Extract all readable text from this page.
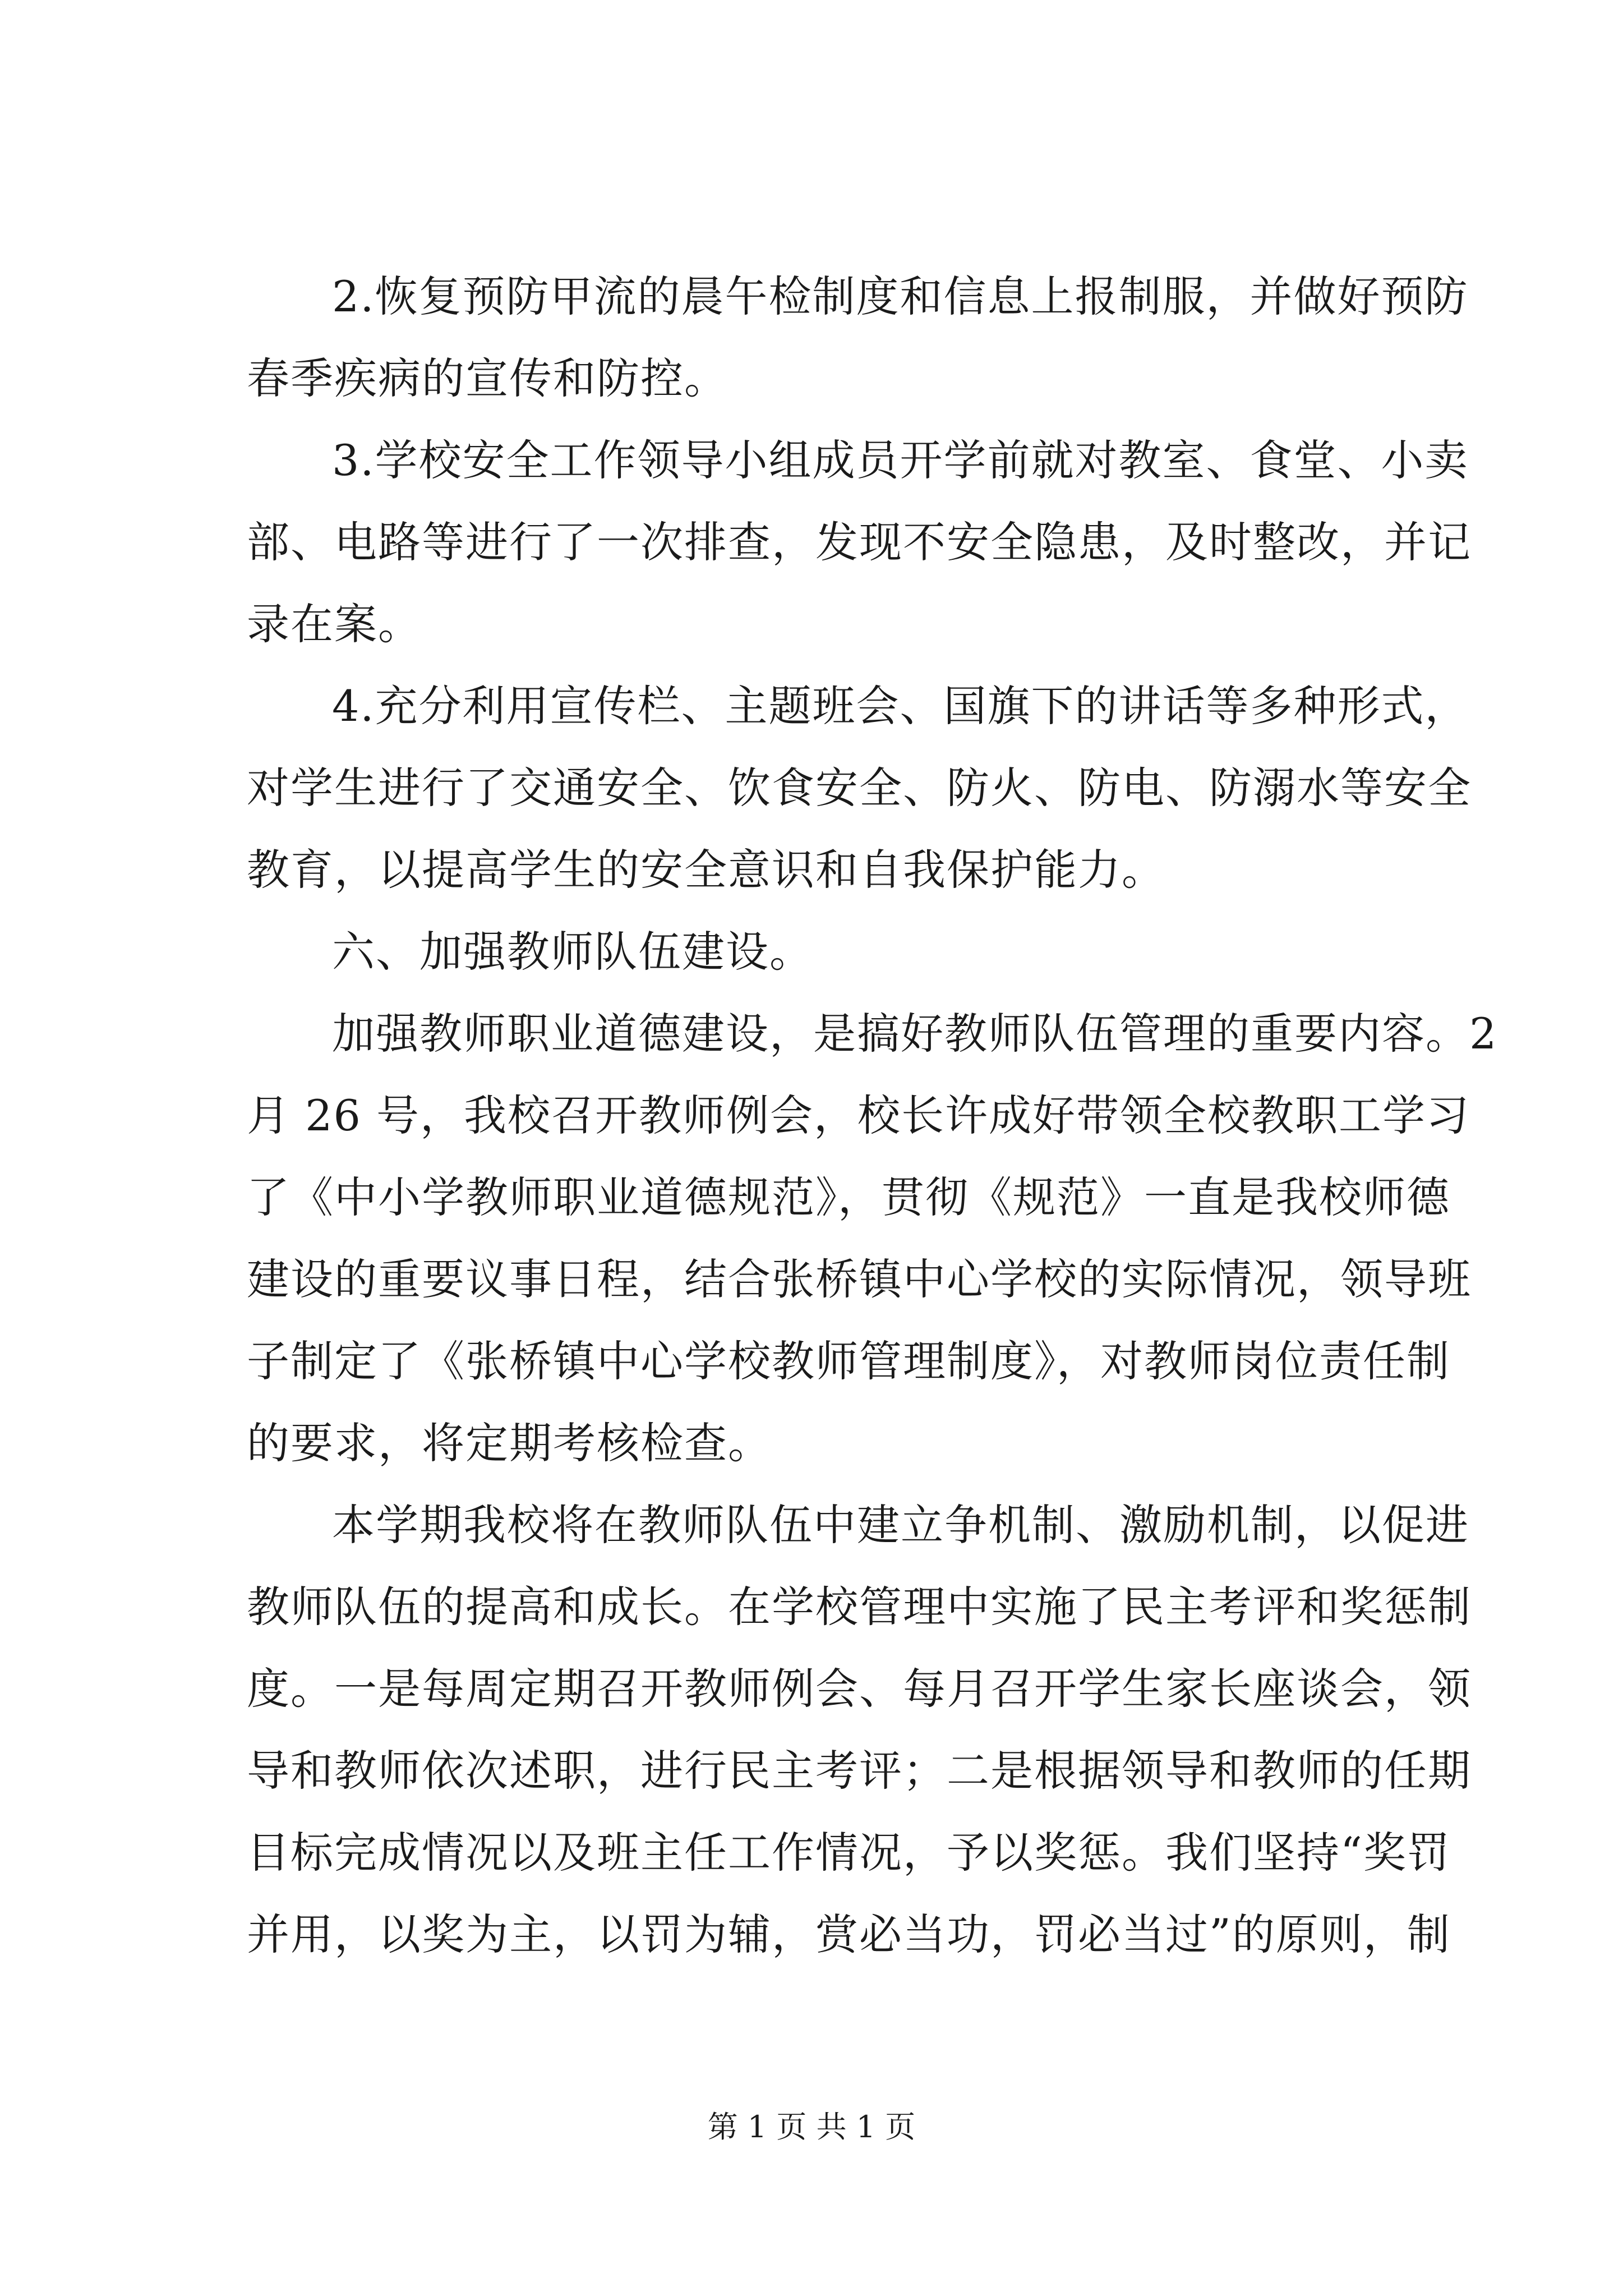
2.恢复预防甲流的晨午检制度和信息上报制服，并做好预防
春季疾病的宣传和防控。
3.学校安全工作领导小组成员开学前就对教室、食堂、小卖
部、电路等进行了一次排查，发现不安全隐患，及时整改，并记
录在案。
4.充分利用宣传栏、主题班会、国旗下的讲话等多种形式，
对学生进行了交通安全、饮食安全、防火、防电、防溺水等安全
教育，以提高学生的安全意识和自我保护能力。
六、加强教师队伍建设。
加强教师职业道德建设，是搞好教师队伍管理的重要内容。2
月 26 号，我校召开教师例会，校长许成好带领全校教职工学习
了《中小学教师职业道德规范》，贯彻《规范》一直是我校师德
建设的重要议事日程，结合张桥镇中心学校的实际情况，领导班
子制定了《张桥镇中心学校教师管理制度》，对教师岗位责任制
的要求，将定期考核检查。
本学期我校将在教师队伍中建立争机制、激励机制，以促进
教师队伍的提高和成长。在学校管理中实施了民主考评和奖惩制
度。一是每周定期召开教师例会、每月召开学生家长座谈会，领
导和教师依次述职，进行民主考评；二是根据领导和教师的任期
目标完成情况以及班主任工作情况，予以奖惩。我们坚持“奖罚
并用，以奖为主，以罚为辅，赏必当功，罚必当过”的原则，制
第 1 页 共 1 页
